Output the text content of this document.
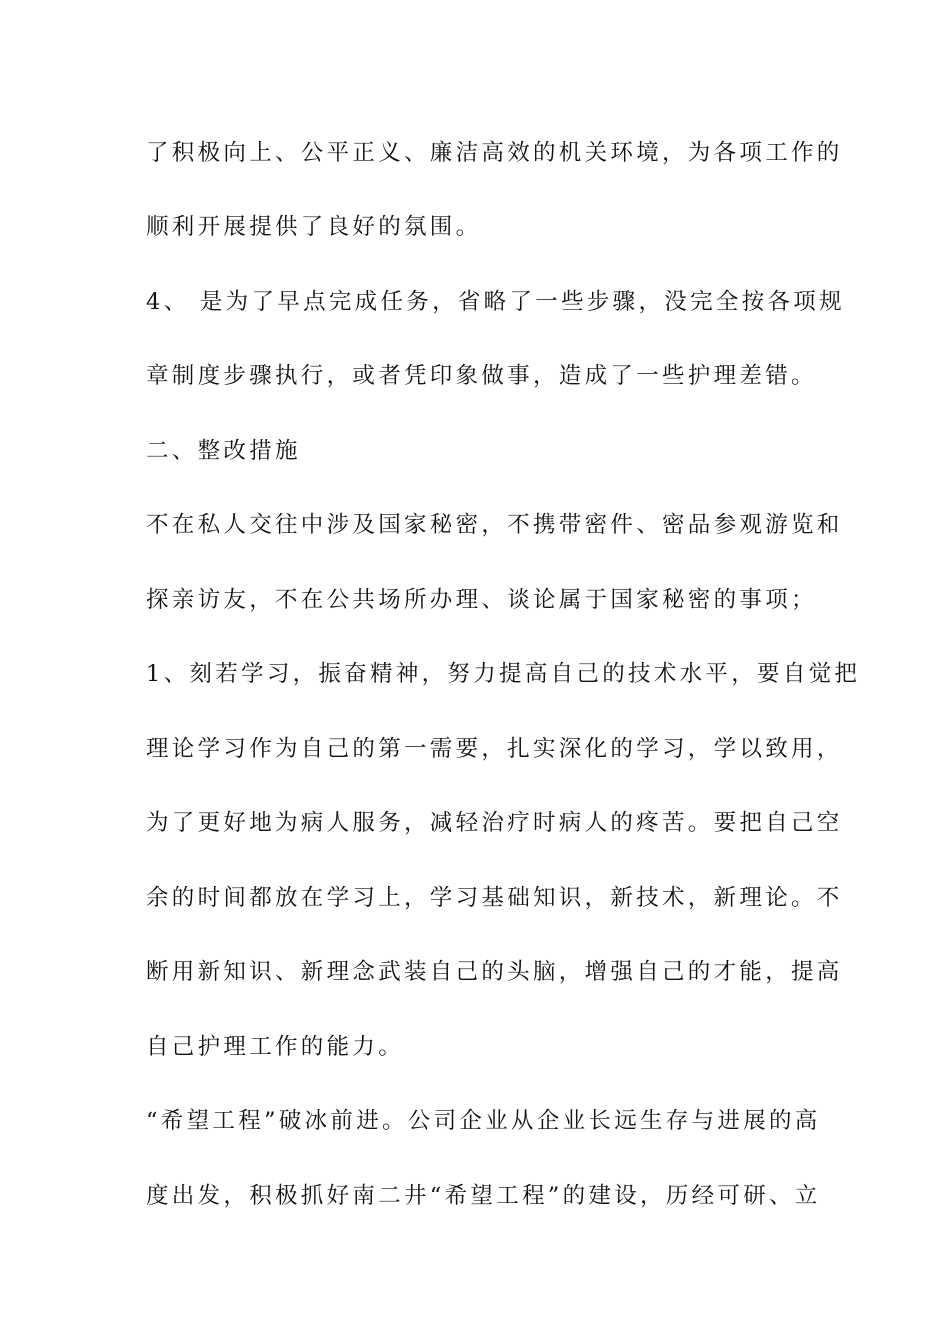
了积极向上、公平正义、廉洁高效的机关环境，为各项工作的
顺利开展提供了良好的氛围。
4、 是为了早点完成任务，省略了一些步骤，没完全按各项规
章制度步骤执行，或者凭印象做事，造成了一些护理差错。
二、整改措施
不在私人交往中涉及国家秘密，不携带密件、密品参观游览和
探亲访友，不在公共场所办理、谈论属于国家秘密的事项；
1、刻若学习，振奋精神，努力提高自己的技术水平，要自觉把
理论学习作为自己的第一需要，扎实深化的学习，学以致用，
为了更好地为病人服务，减轻治疗时病人的疼苦。要把自己空
余的时间都放在学习上，学习基础知识，新技术，新理论。不
断用新知识、新理念武装自己的头脑，增强自己的才能，提高
自己护理工作的能力。
“希望工程”破冰前进。公司企业从企业长远生存与进展的高
度出发，积极抓好南二井“希望工程”的建设，历经可研、立
